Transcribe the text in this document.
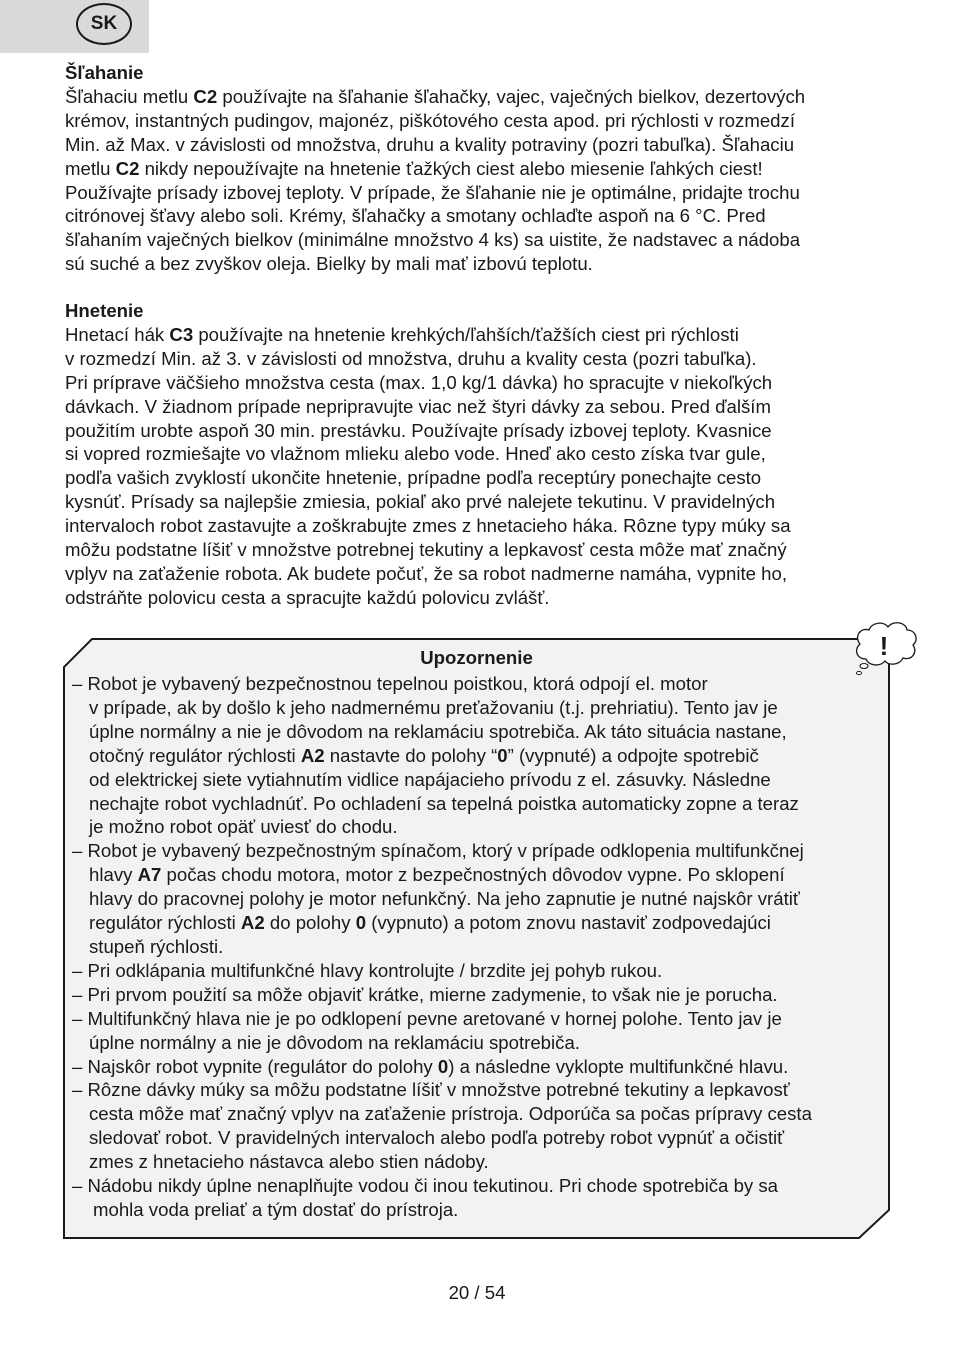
SK
Šľahanie
Šľahaciu metlu C2 používajte na šľahanie šľahačky, vajec, vaječných bielkov, dezertových
krémov, instantných pudingov, majonéz, piškótového cesta apod. pri rýchlosti v rozmedzí
Min. až Max. v závislosti od množstva, druhu a kvality potraviny (pozri tabuľka). Šľahaciu
metlu C2 nikdy nepoužívajte na hnetenie ťažkých ciest alebo miesenie ľahkých ciest!
Používajte prísady izbovej teploty. V prípade, že šľahanie nie je optimálne, pridajte trochu
citrónovej šťavy alebo soli. Krémy, šľahačky a smotany ochlaďte aspoň na 6 °C. Pred
šľahaním vaječných bielkov (minimálne množstvo 4 ks) sa uistite, že nadstavec a nádoba
sú suché a bez zvyškov oleja. Bielky by mali mať izbovú teplotu.
Hnetenie
Hnetací hák C3 používajte na hnetenie krehkých/ľahších/ťažších ciest pri rýchlosti
v rozmedzí Min. až 3. v závislosti od množstva, druhu a kvality cesta (pozri tabuľka).
Pri príprave väčšieho množstva cesta (max. 1,0 kg/1 dávka) ho spracujte v niekoľkých
dávkach. V žiadnom prípade nepripravujte viac než štyri dávky za sebou. Pred ďalším
použitím urobte aspoň 30 min. prestávku. Používajte prísady izbovej teploty. Kvasnice
si vopred rozmiešajte vo vlažnom mlieku alebo vode. Hneď ako cesto získa tvar gule,
podľa vašich zvyklostí ukončite hnetenie, prípadne podľa receptúry ponechajte cesto
kysnúť. Prísady sa najlepšie zmiesia, pokiaľ ako prvé nalejete tekutinu. V pravidelných
intervaloch robot zastavujte a zoškrabujte zmes z hnetacieho háka. Rôzne typy múky sa
môžu podstatne líšiť v množstve potrebnej tekutiny a lepkavosť cesta môže mať značný
vplyv na zaťaženie robota. Ak budete počuť, že sa robot nadmerne namáha, vypnite ho,
odstráňte polovicu cesta a spracujte každú polovicu zvlášť.
!
Upozornenie
– Robot je vybavený bezpečnostnou tepelnou poistkou, ktorá odpojí el. motor
v prípade, ak by došlo k jeho nadmernému preťažovaniu (t.j. prehriatiu). Tento jav je
úplne normálny a nie je dôvodom na reklamáciu spotrebiča. Ak táto situácia nastane,
otočný regulátor rýchlosti A2 nastavte do polohy “0” (vypnuté) a odpojte spotrebič
od elektrickej siete vytiahnutím vidlice napájacieho prívodu z el. zásuvky. Následne
nechajte robot vychladnúť. Po ochladení sa tepelná poistka automaticky zopne a teraz
je možno robot opäť uviesť do chodu.
– Robot je vybavený bezpečnostným spínačom, ktorý v prípade odklopenia multifunkčnej
hlavy A7 počas chodu motora, motor z bezpečnostných dôvodov vypne. Po sklopení
hlavy do pracovnej polohy je motor nefunkčný. Na jeho zapnutie je nutné najskôr vrátiť
regulátor rýchlosti A2 do polohy 0 (vypnuto) a potom znovu nastaviť zodpovedajúci
stupeň rýchlosti.
– Pri odklápania multifunkčné hlavy kontrolujte / brzdite jej pohyb rukou.
– Pri prvom použití sa môže objaviť krátke, mierne zadymenie, to však nie je porucha.
– Multifunkčný hlava nie je po odklopení pevne aretované v hornej polohe. Tento jav je
úplne normálny a nie je dôvodom na reklamáciu spotrebiča.
– Najskôr robot vypnite (regulátor do polohy 0) a následne vyklopte multifunkčné hlavu.
– Rôzne dávky múky sa môžu podstatne líšiť v množstve potrebné tekutiny a lepkavosť
cesta môže mať značný vplyv na zaťaženie prístroja. Odporúča sa počas prípravy cesta
sledovať robot. V pravidelných intervaloch alebo podľa potreby robot vypnúť a očistiť
zmes z hnetacieho nástavca alebo stien nádoby.
– Nádobu nikdy úplne nenaplňujte vodou či inou tekutinou. Pri chode spotrebiča by sa
mohla voda preliať a tým dostať do prístroja.
20 / 54
